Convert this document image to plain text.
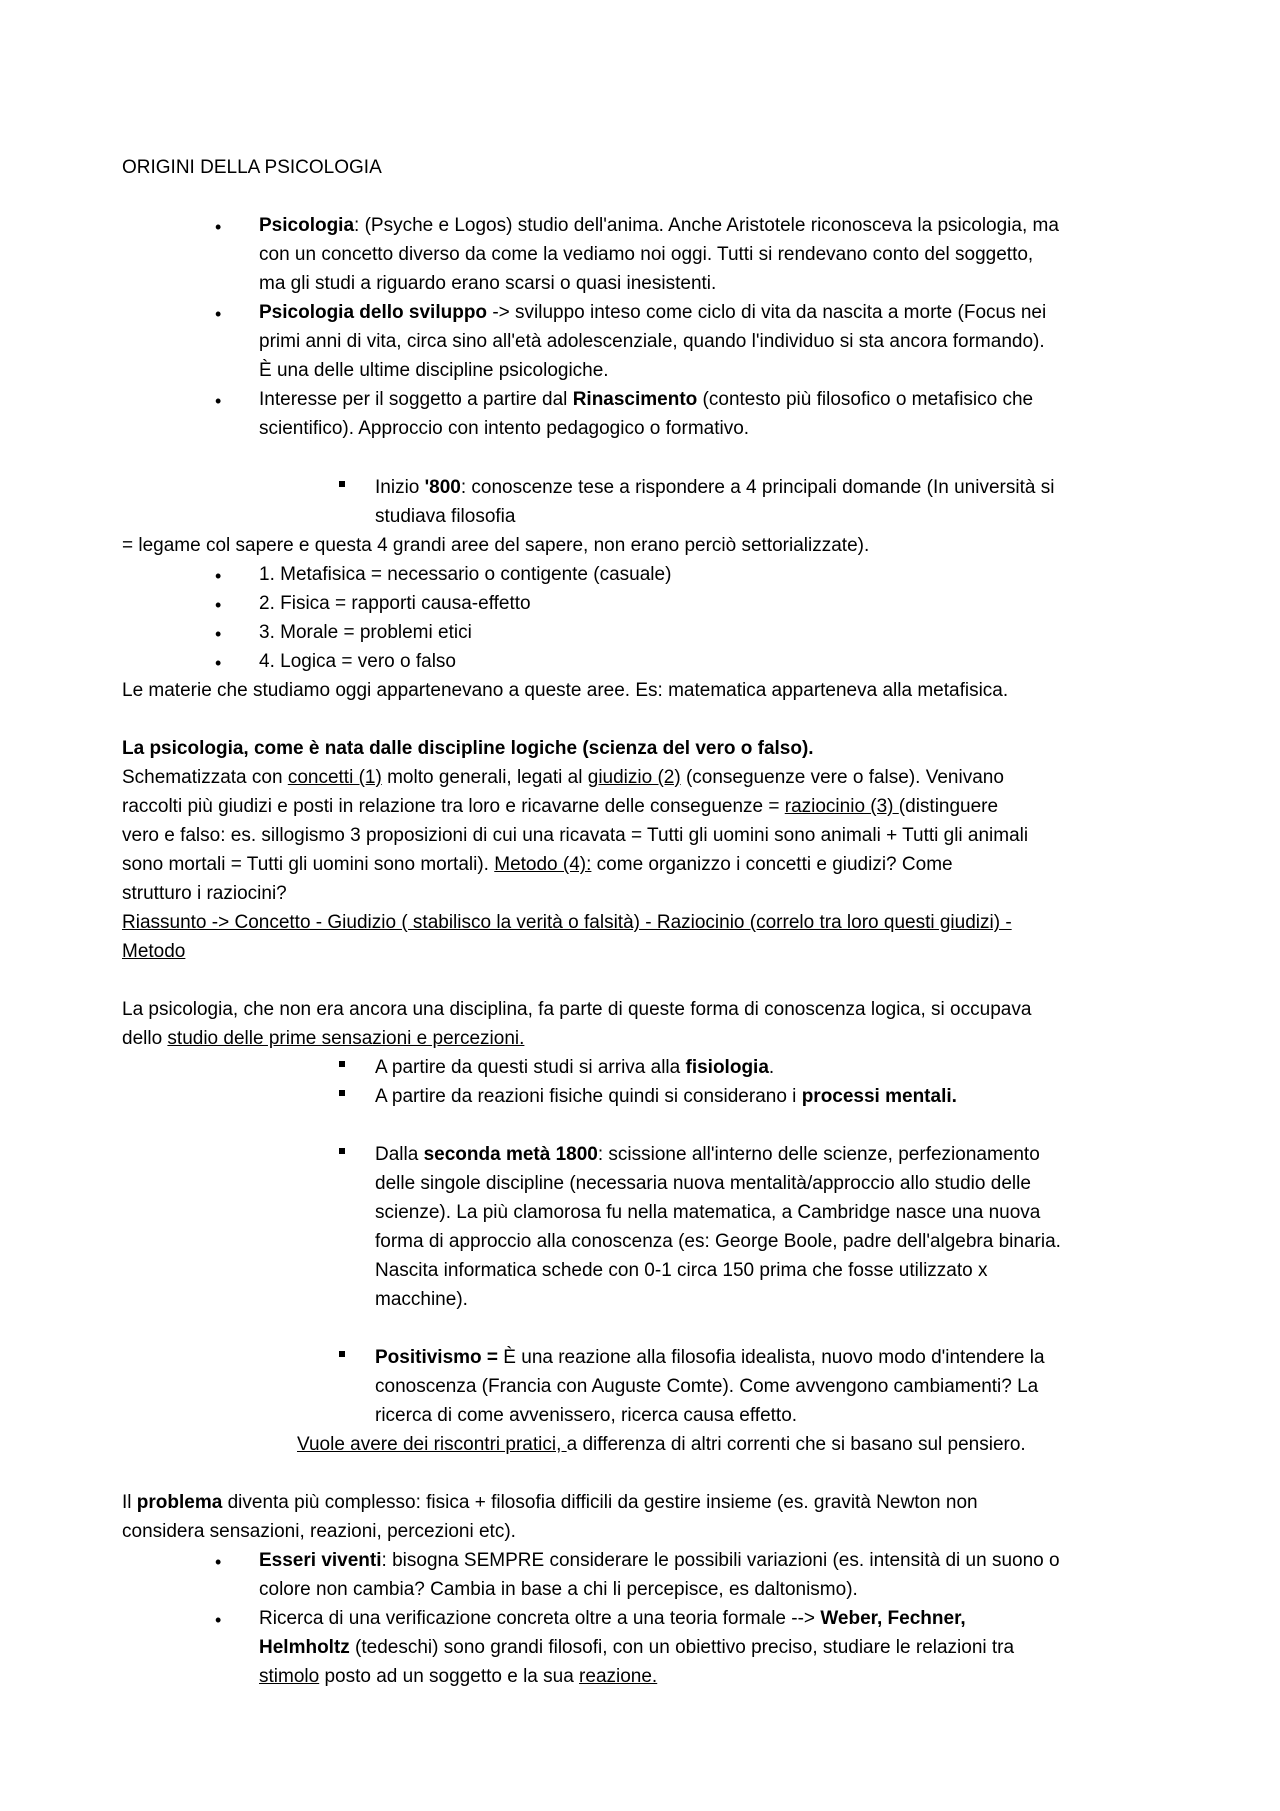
ORIGINI DELLA PSICOLOGIA
• Psicologia: (Psyche e Logos) studio dell'anima. Anche Aristotele riconosceva la psicologia, ma
con un concetto diverso da come la vediamo noi oggi. Tutti si rendevano conto del soggetto,
ma gli studi a riguardo erano scarsi o quasi inesistenti.
• Psicologia dello sviluppo -> sviluppo inteso come ciclo di vita da nascita a morte (Focus nei
primi anni di vita, circa sino all'età adolescenziale, quando l'individuo si sta ancora formando).
È una delle ultime discipline psicologiche.
• Interesse per il soggetto a partire dal Rinascimento (contesto più filosofico o metafisico che
scientifico). Approccio con intento pedagogico o formativo.
Inizio '800: conoscenze tese a rispondere a 4 principali domande (In università si
studiava filosofia
= legame col sapere e questa 4 grandi aree del sapere, non erano perciò settorializzate).
• 1. Metafisica = necessario o contigente (casuale)
• 2. Fisica = rapporti causa-effetto
• 3. Morale = problemi etici
• 4. Logica = vero o falso
Le materie che studiamo oggi appartenevano a queste aree. Es: matematica apparteneva alla metafisica.
La psicologia, come è nata dalle discipline logiche (scienza del vero o falso).
Schematizzata con concetti (1) molto generali, legati al giudizio (2) (conseguenze vere o false). Venivano
raccolti più giudizi e posti in relazione tra loro e ricavarne delle conseguenze = raziocinio (3) (distinguere
vero e falso: es. sillogismo 3 proposizioni di cui una ricavata = Tutti gli uomini sono animali + Tutti gli animali
sono mortali = Tutti gli uomini sono mortali). Metodo (4): come organizzo i concetti e giudizi? Come
strutturo i raziocini?
Riassunto -> Concetto - Giudizio ( stabilisco la verità o falsità) - Raziocinio (correlo tra loro questi giudizi) -
Metodo
La psicologia, che non era ancora una disciplina, fa parte di queste forma di conoscenza logica, si occupava
dello studio delle prime sensazioni e percezioni.
A partire da questi studi si arriva alla fisiologia.
A partire da reazioni fisiche quindi si considerano i processi mentali.
Dalla seconda metà 1800: scissione all'interno delle scienze, perfezionamento
delle singole discipline (necessaria nuova mentalità/approccio allo studio delle
scienze). La più clamorosa fu nella matematica, a Cambridge nasce una nuova
forma di approccio alla conoscenza (es: George Boole, padre dell'algebra binaria.
Nascita informatica schede con 0-1 circa 150 prima che fosse utilizzato x
macchine).
Positivismo = È una reazione alla filosofia idealista, nuovo modo d'intendere la
conoscenza (Francia con Auguste Comte). Come avvengono cambiamenti? La
ricerca di come avvenissero, ricerca causa effetto.
Vuole avere dei riscontri pratici, a differenza di altri correnti che si basano sul pensiero.
Il problema diventa più complesso: fisica + filosofia difficili da gestire insieme (es. gravità Newton non
considera sensazioni, reazioni, percezioni etc).
• Esseri viventi: bisogna SEMPRE considerare le possibili variazioni (es. intensità di un suono o
colore non cambia? Cambia in base a chi li percepisce, es daltonismo).
• Ricerca di una verificazione concreta oltre a una teoria formale --> Weber, Fechner,
Helmholtz (tedeschi) sono grandi filosofi, con un obiettivo preciso, studiare le relazioni tra
stimolo posto ad un soggetto e la sua reazione.
